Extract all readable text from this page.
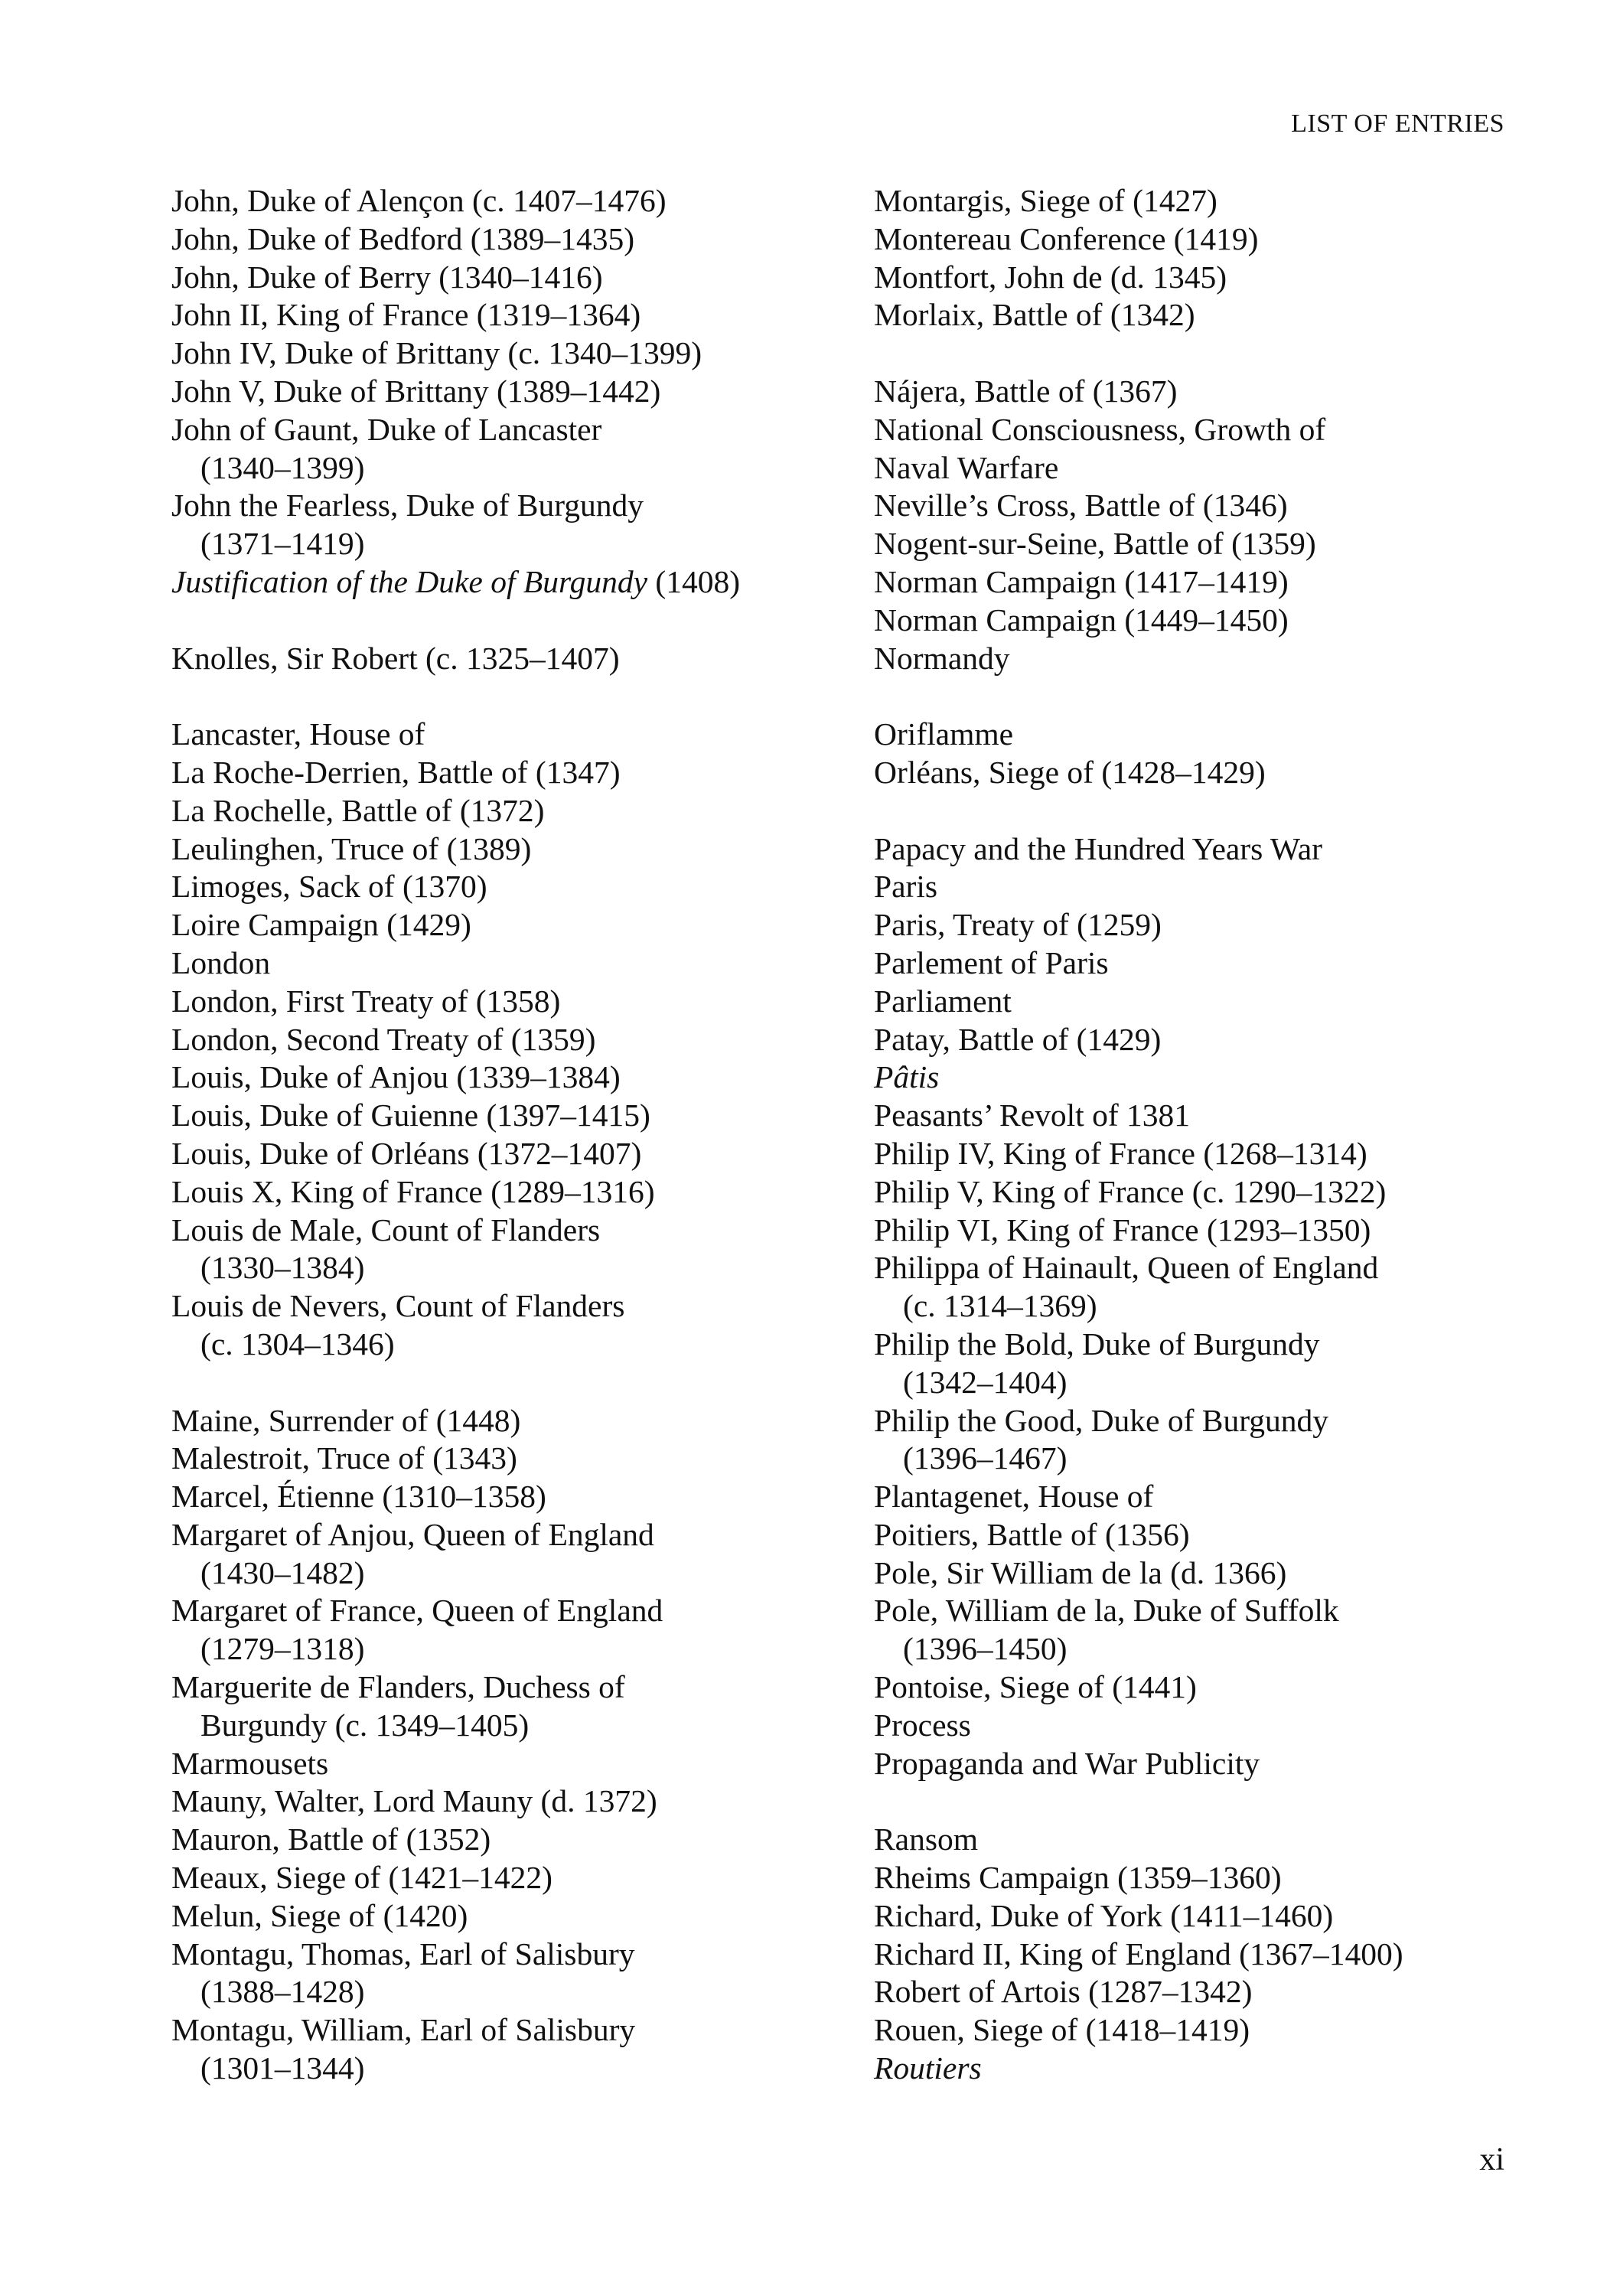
LIST OF ENTRIES
John, Duke of Alençon (c. 1407–1476)
John, Duke of Bedford (1389–1435)
John, Duke of Berry (1340–1416)
John II, King of France (1319–1364)
John IV, Duke of Brittany (c. 1340–1399)
John V, Duke of Brittany (1389–1442)
John of Gaunt, Duke of Lancaster
(1340–1399)
John the Fearless, Duke of Burgundy
(1371–1419)
Justification of the Duke of Burgundy (1408)
Knolles, Sir Robert (c. 1325–1407)
Lancaster, House of
La Roche-Derrien, Battle of (1347)
La Rochelle, Battle of (1372)
Leulinghen, Truce of (1389)
Limoges, Sack of (1370)
Loire Campaign (1429)
London
London, First Treaty of (1358)
London, Second Treaty of (1359)
Louis, Duke of Anjou (1339–1384)
Louis, Duke of Guienne (1397–1415)
Louis, Duke of Orléans (1372–1407)
Louis X, King of France (1289–1316)
Louis de Male, Count of Flanders
(1330–1384)
Louis de Nevers, Count of Flanders
(c. 1304–1346)
Maine, Surrender of (1448)
Malestroit, Truce of (1343)
Marcel, Étienne (1310–1358)
Margaret of Anjou, Queen of England
(1430–1482)
Margaret of France, Queen of England
(1279–1318)
Marguerite de Flanders, Duchess of
Burgundy (c. 1349–1405)
Marmousets
Mauny, Walter, Lord Mauny (d. 1372)
Mauron, Battle of (1352)
Meaux, Siege of (1421–1422)
Melun, Siege of (1420)
Montagu, Thomas, Earl of Salisbury
(1388–1428)
Montagu, William, Earl of Salisbury
(1301–1344)
Montargis, Siege of (1427)
Montereau Conference (1419)
Montfort, John de (d. 1345)
Morlaix, Battle of (1342)
Nájera, Battle of (1367)
National Consciousness, Growth of
Naval Warfare
Neville’s Cross, Battle of (1346)
Nogent-sur-Seine, Battle of (1359)
Norman Campaign (1417–1419)
Norman Campaign (1449–1450)
Normandy
Oriflamme
Orléans, Siege of (1428–1429)
Papacy and the Hundred Years War
Paris
Paris, Treaty of (1259)
Parlement of Paris
Parliament
Patay, Battle of (1429)
Pâtis
Peasants’ Revolt of 1381
Philip IV, King of France (1268–1314)
Philip V, King of France (c. 1290–1322)
Philip VI, King of France (1293–1350)
Philippa of Hainault, Queen of England
(c. 1314–1369)
Philip the Bold, Duke of Burgundy
(1342–1404)
Philip the Good, Duke of Burgundy
(1396–1467)
Plantagenet, House of
Poitiers, Battle of (1356)
Pole, Sir William de la (d. 1366)
Pole, William de la, Duke of Suffolk
(1396–1450)
Pontoise, Siege of (1441)
Process
Propaganda and War Publicity
Ransom
Rheims Campaign (1359–1360)
Richard, Duke of York (1411–1460)
Richard II, King of England (1367–1400)
Robert of Artois (1287–1342)
Rouen, Siege of (1418–1419)
Routiers
xi
